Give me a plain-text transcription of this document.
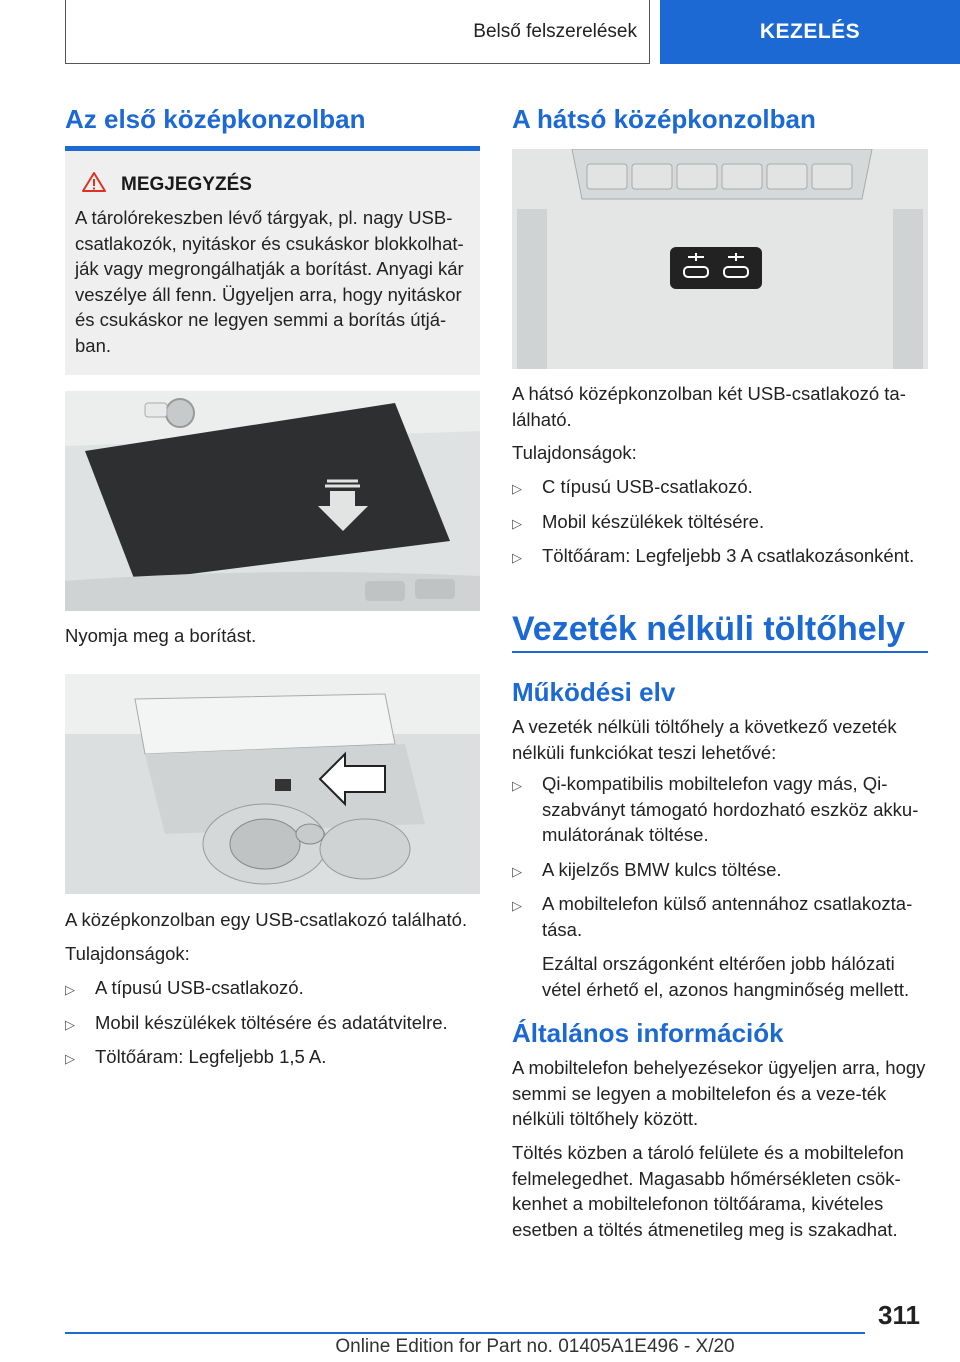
Belső felszerelések	KEZELÉS
Az első középkonzolban
MEGJEGYZÉS

A tárolórekeszben lévő tárgyak, pl. nagy USB-csatlakozók, nyitáskor és csukáskor blokkolhat-ják vagy megrongálhatják a borítást. Anyagi kár veszélye áll fenn. Ügyeljen arra, hogy nyitáskor és csukáskor ne legyen semmi a borítás útjá-ban.

Nyomja meg a borítást.

A középkonzolban egy USB-csatlakozó található.

Tulajdonságok:

▷ A típusú USB-csatlakozó.
▷ Mobil készülékek töltésére és adatátvitelre.
▷ Töltőáram: Legfeljebb 1,5 A.
A hátsó középkonzolban

A hátsó középkonzolban két USB-csatlakozó ta-lálható.

Tulajdonságok:

▷ C típusú USB-csatlakozó.
▷ Mobil készülékek töltésére.
▷ Töltőáram: Legfeljebb 3 A csatlakozásonként.
Vezeték nélküli töltőhely
Működési elv

A vezeték nélküli töltőhely a következő vezeték nélküli funkciókat teszi lehetővé:

▷ Qi-kompatibilis mobiltelefon vagy más, Qi-szabványt támogató hordozható eszköz akku-mulátorának töltése.
▷ A kijelzős BMW kulcs töltése.
▷ A mobiltelefon külső antennához csatlakozta-tása.
Ezáltal országonként eltérően jobb hálózati vétel érhető el, azonos hangminőség mellett.
Általános információk

A mobiltelefon behelyezésekor ügyeljen arra, hogy semmi se legyen a mobiltelefon és a veze-ték nélküli töltőhely között.

Töltés közben a tároló felülete és a mobiltelefon felmelegedhet. Magasabb hőmérsékleten csök-kenhet a mobiltelefonon töltőárama, kivételes esetben a töltés átmenetileg meg is szakadhat.

311
Online Edition for Part no. 01405A1E496 - X/20
